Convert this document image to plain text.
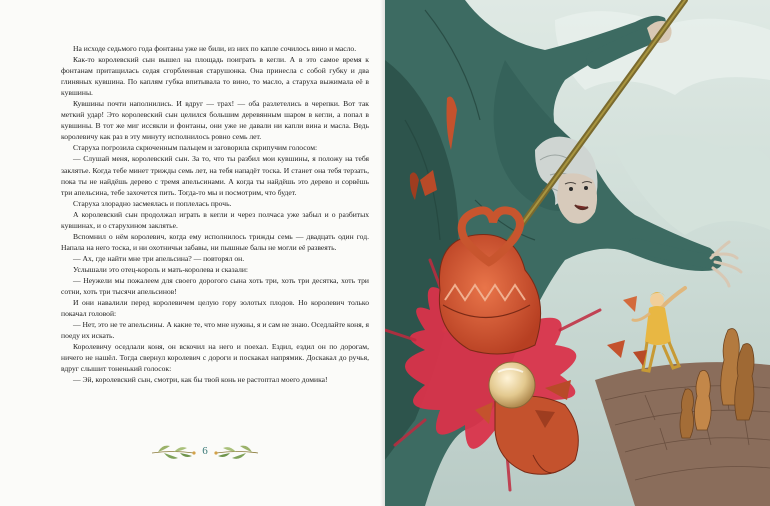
На исходе седьмого года фонтаны уже не били, из них по капле сочилось вино и масло.

Как-то королевский сын вышел на площадь поиграть в кегли. А в это самое время к фонтанам притащилась седая сгорбленная старушонка. Она принесла с собой губку и два глиняных кувшина. По каплям губка впитывала то вино, то масло, а старуха выжимала её в кувшины.

Кувшины почти наполнились. И вдруг — трах! — оба разлетелись в черепки. Вот так меткий удар! Это королевский сын целился большим деревянным шаром в кегли, а попал в кувшины. В тот же миг иссякли и фонтаны, они уже не давали ни капли вина и масла. Ведь королевичу как раз в эту минуту исполнилось ровно семь лет.

Старуха погрозила скрюченным пальцем и заговорила скрипучим голосом:

— Слушай меня, королевский сын. За то, что ты разбил мои кувшины, я положу на тебя заклятье. Когда тебе минет трижды семь лет, на тебя нападёт тоска. И станет она тебя терзать, пока ты не найдёшь дерево с тремя апельсинами. А когда ты найдёшь это дерево и сорвёшь три апельсина, тебе захочется пить. Тогда-то мы и посмотрим, что будет.

Старуха злорадно засмеялась и поплелась прочь.

А королевский сын продолжал играть в кегли и через полчаса уже забыл и о разбитых кувшинах, и о старухином заклятье.

Вспомнил о нём королевич, когда ему исполнилось трижды семь — двадцать один год. Напала на него тоска, и ни охотничьи забавы, ни пышные балы не могли её развеять.

— Ах, где найти мне три апельсина? — повторял он.

Услышали это отец-король и мать-королева и сказали:

— Неужели мы пожалеем для своего дорогого сына хоть три, хоть три десятка, хоть три сотни, хоть три тысячи апельсинов!

И они навалили перед королевичем целую гору золотых плодов. Но королевич только покачал головой:

— Нет, это не те апельсины. А какие те, что мне нужны, я и сам не знаю. Оседлайте коня, я поеду их искать.

Королевичу оседлали коня, он вскочил на него и поехал. Ездил, ездил он по дорогам, ничего не нашёл. Тогда свернул королевич с дороги и поскакал напрямик. Доскакал до ручья, вдруг слышит тоненький голосок:

— Эй, королевский сын, смотри, как бы твой конь не растоптал моего домика!

6
